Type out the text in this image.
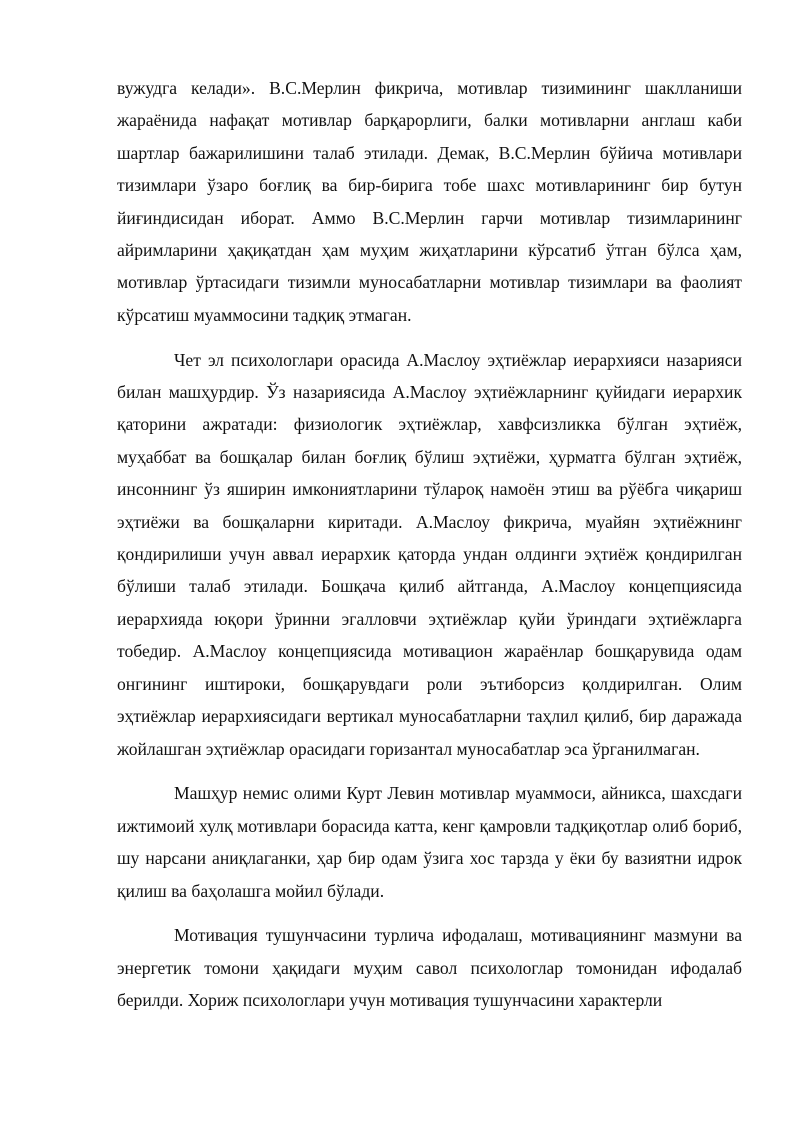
вужудга келади». В.С.Мерлин фикрича, мотивлар тизимининг шаклланиши жараёнида нафақат мотивлар барқарорлиги, балки мотивларни англаш каби шартлар бажарилишини талаб этилади. Демак, В.С.Мерлин бўйича мотивлари тизимлари ўзаро боғлиқ ва бир-бирига тобе шахс мотивларининг бир бутун йиғиндисидан иборат. Аммо В.С.Мерлин гарчи мотивлар тизимларининг айримларини ҳақиқатдан ҳам муҳим жиҳатларини кўрсатиб ўтган бўлса ҳам, мотивлар ўртасидаги тизимли муносабатларни мотивлар тизимлари ва фаолият кўрсатиш муаммосини тадқиқ этмаган.

Чет эл психологлари орасида А.Маслоу эҳтиёжлар иерархияси назарияси билан машҳурдир. Ўз назариясида А.Маслоу эҳтиёжларнинг қуйидаги иерархик қаторини ажратади: физиологик эҳтиёжлар, хавфсизликка бўлган эҳтиёж, муҳаббат ва бошқалар билан боғлиқ бўлиш эҳтиёжи, ҳурматга бўлган эҳтиёж, инсоннинг ўз яширин имкониятларини тўлароқ намоён этиш ва рўёбга чиқариш эҳтиёжи ва бошқаларни киритади. А.Маслоу фикрича, муайян эҳтиёжнинг қондирилиши учун аввал иерархик қаторда ундан олдинги эҳтиёж қондирилган бўлиши талаб этилади. Бошқача қилиб айтганда, А.Маслоу концепциясида иерархияда юқори ўринни эгалловчи эҳтиёжлар қуйи ўриндаги эҳтиёжларга тобедир. А.Маслоу концепциясида мотивацион жараёнлар бошқарувида одам онгининг иштироки, бошқарувдаги роли эътиборсиз қолдирилган. Олим эҳтиёжлар иерархиясидаги вертикал муносабатларни таҳлил қилиб, бир даражада жойлашган эҳтиёжлар орасидаги горизантал муносабатлар эса ўрганилмаган.

Машҳур немис олими Курт Левин мотивлар муаммоси, айникса, шахсдаги ижтимоий хулқ мотивлари борасида катта, кенг қамровли тадқиқотлар олиб бориб, шу нарсани аниқлаганки, ҳар бир одам ўзига хос тарзда у ёки бу вазиятни идрок қилиш ва баҳолашга мойил бўлади.

Мотивация тушунчасини турлича ифодалаш, мотивациянинг мазмуни ва энергетик томони ҳақидаги муҳим савол психологлар томонидан ифодалаб берилди. Хориж психологлари учун мотивация тушунчасини характерли
